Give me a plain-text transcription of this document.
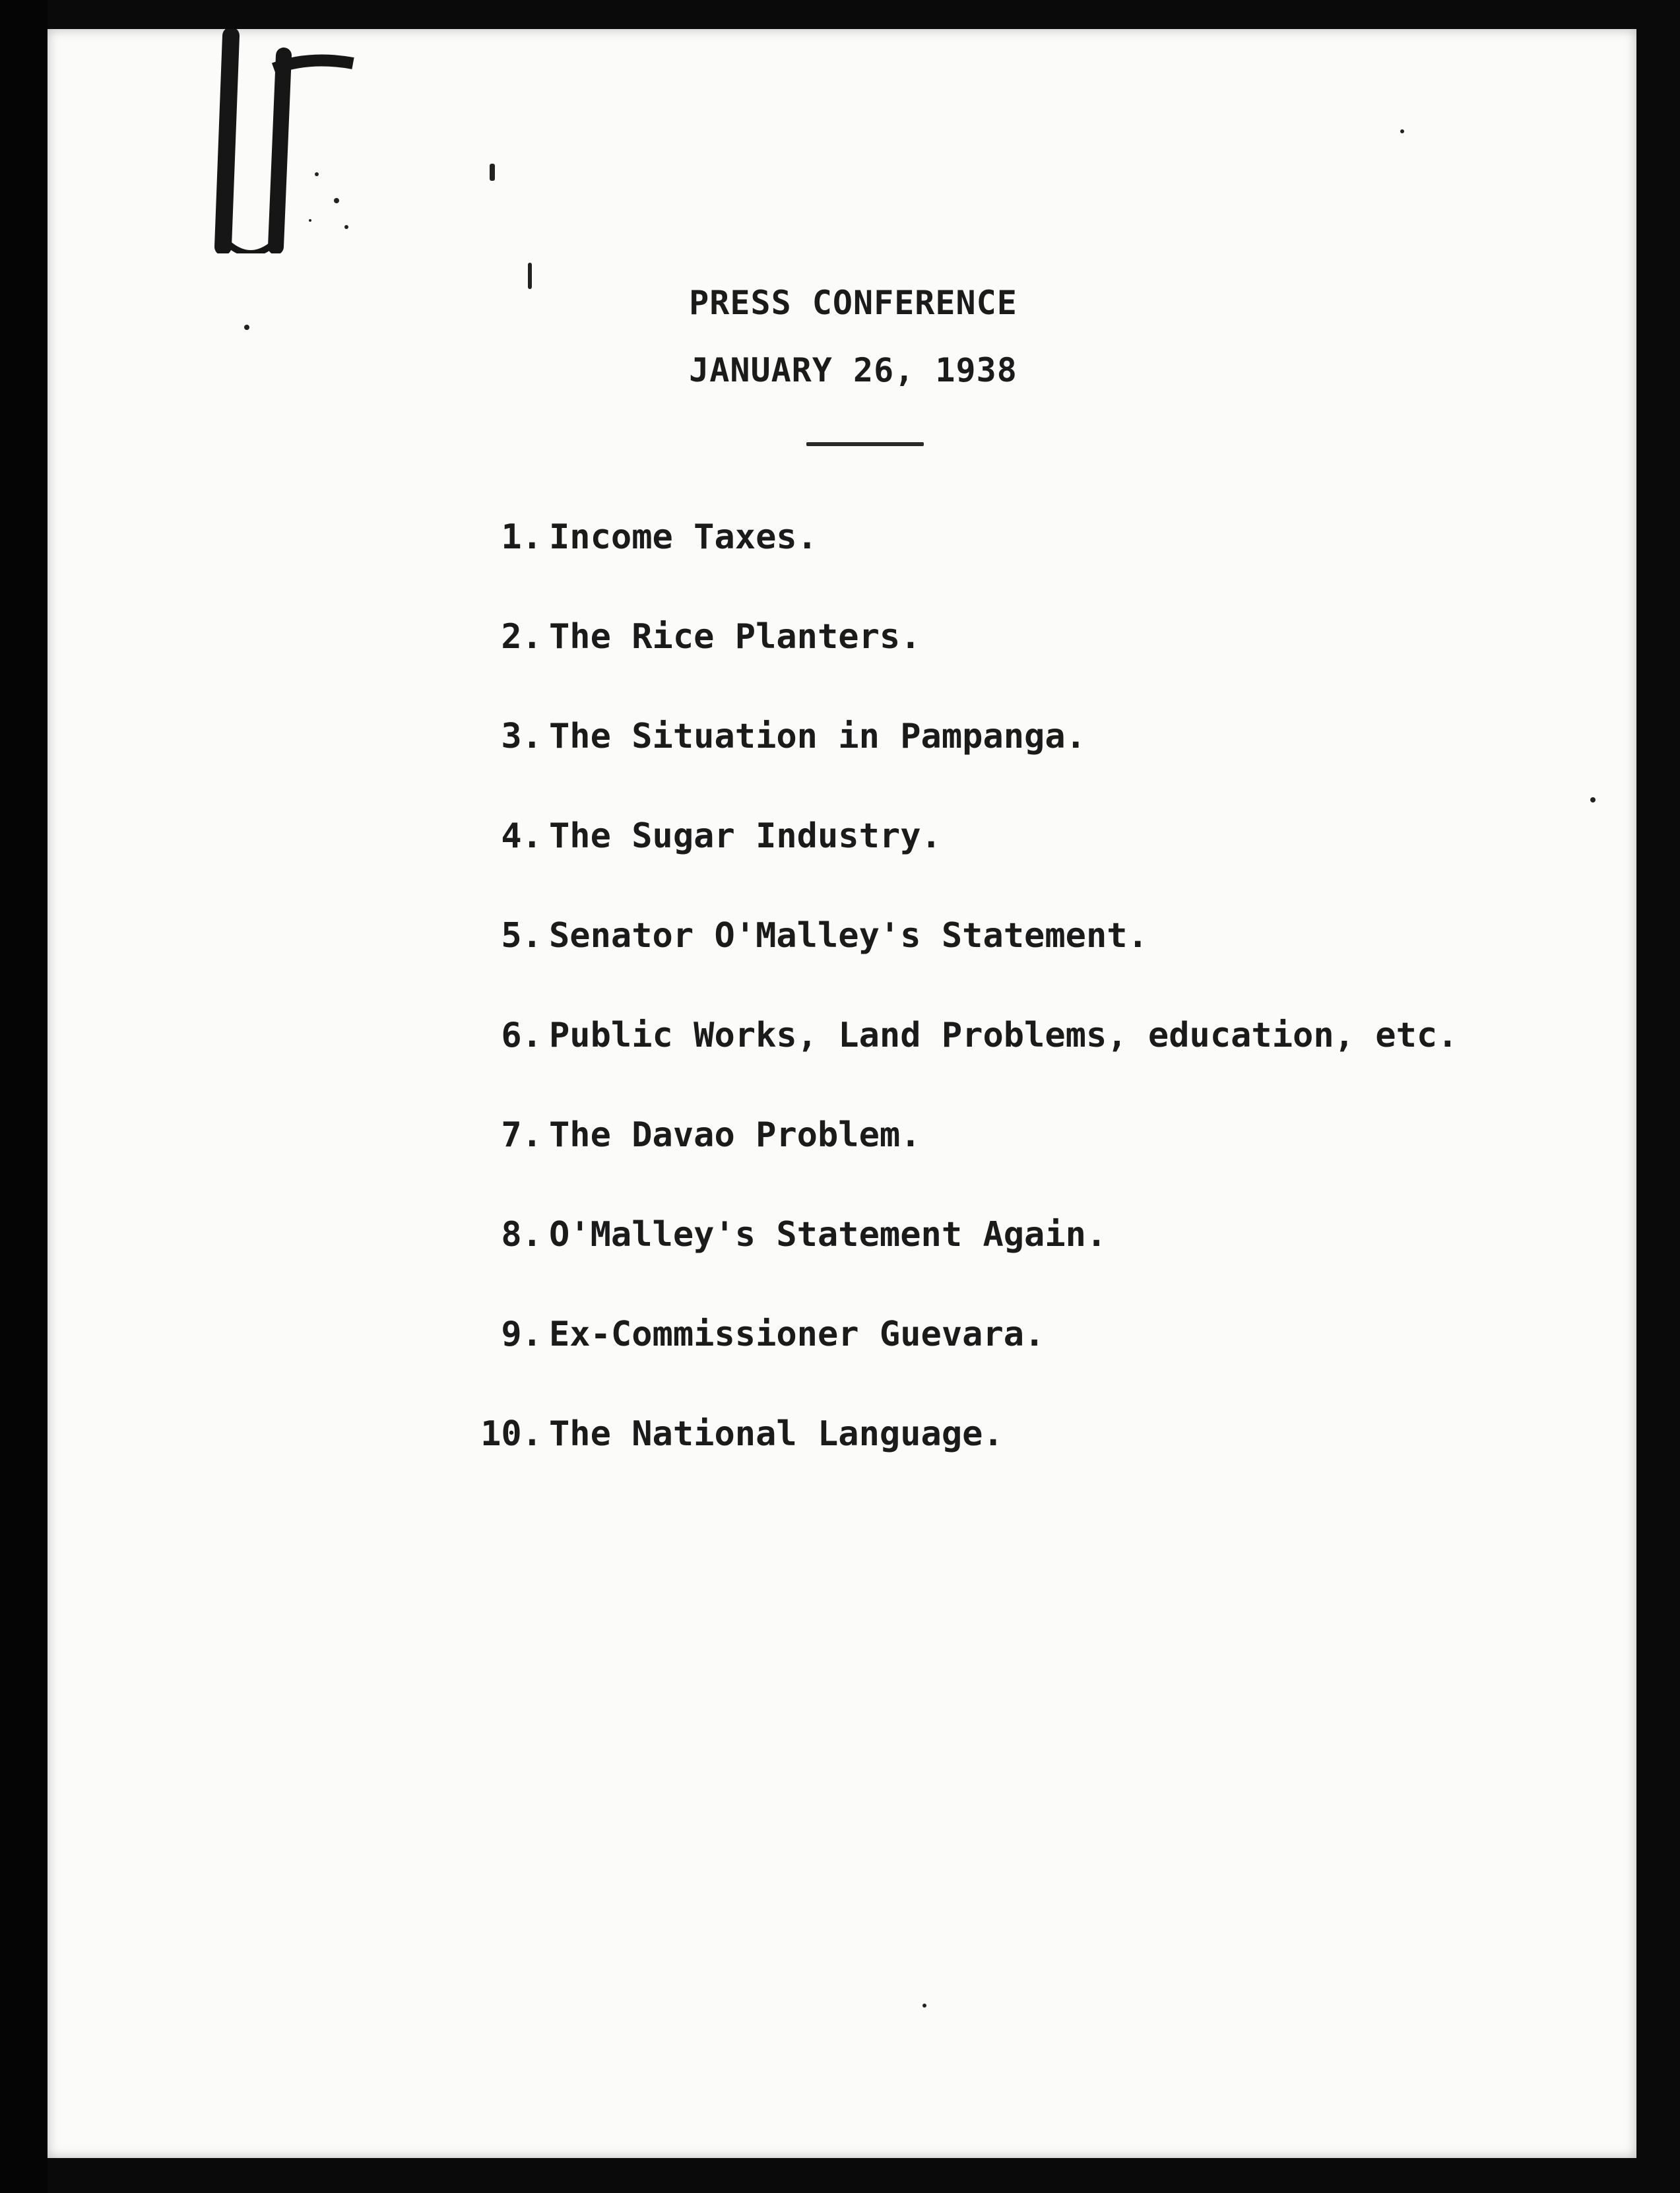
PRESS CONFERENCE
JANUARY 26, 1938
1. Income Taxes.
2. The Rice Planters.
3. The Situation in Pampanga.
4. The Sugar Industry.
5. Senator O'Malley's Statement.
6. Public Works, Land Problems, education, etc.
7. The Davao Problem.
8. O'Malley's Statement Again.
9. Ex-Commissioner Guevara.
10. The National Language.
